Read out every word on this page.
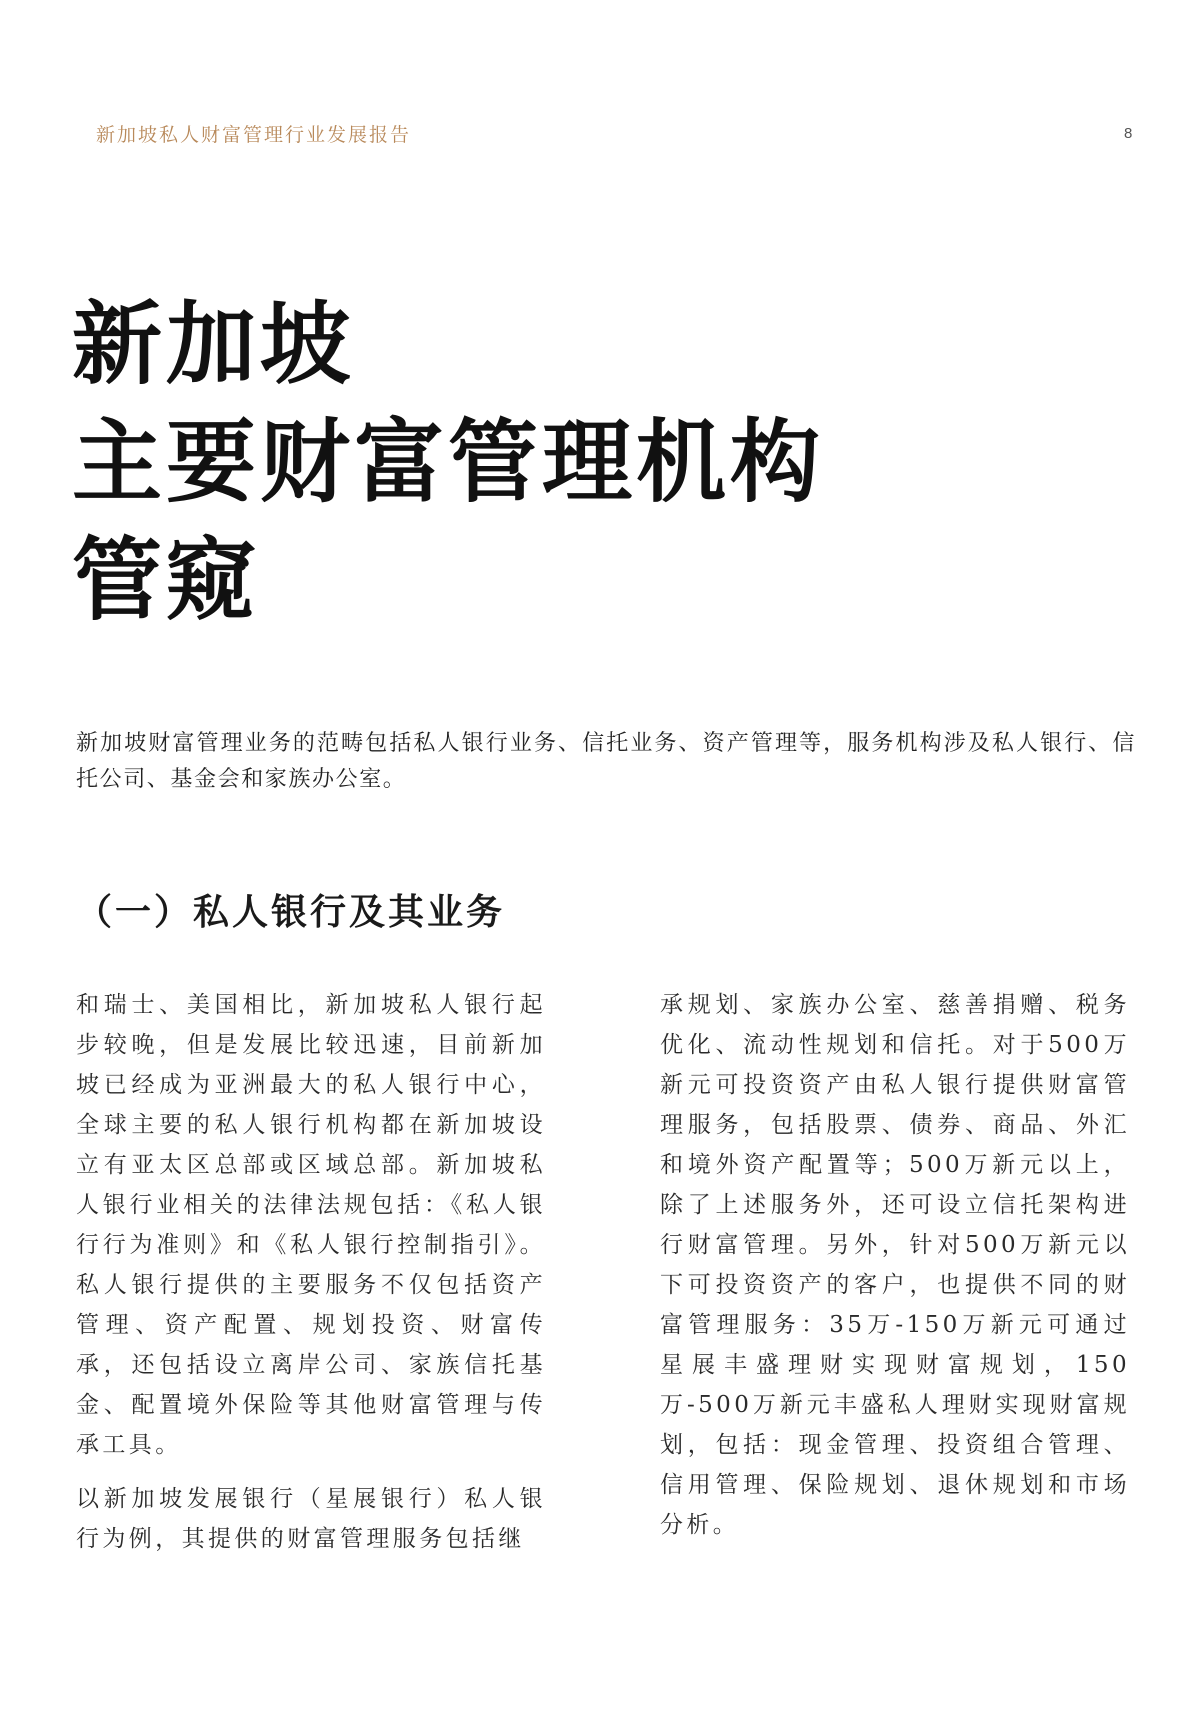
新加坡私人财富管理行业发展报告	8
新加坡
主要财富管理机构
管窥

新加坡财富管理业务的范畴包括私人银行业务、信托业务、资产管理等，服务机构涉及私人银行、信托公司、基金会和家族办公室。

（一）私人银行及其业务

和瑞士、美国相比，新加坡私人银行起步较晚，但是发展比较迅速，目前新加坡已经成为亚洲最大的私人银行中心，全球主要的私人银行机构都在新加坡设立有亚太区总部或区域总部。新加坡私人银行业相关的法律法规包括：《私人银行行为准则》和《私人银行控制指引》。私人银行提供的主要服务不仅包括资产管理、资产配置、规划投资、财富传承，还包括设立离岸公司、家族信托基金、配置境外保险等其他财富管理与传承工具。

以新加坡发展银行（星展银行）私人银行为例，其提供的财富管理服务包括继

承规划、家族办公室、慈善捐赠、税务优化、流动性规划和信托。对于500万新元可投资资产由私人银行提供财富管理服务，包括股票、债券、商品、外汇和境外资产配置等；500万新元以上，除了上述服务外，还可设立信托架构进行财富管理。另外，针对500万新元以下可投资资产的客户，也提供不同的财富管理服务：35万-150万新元可通过星展丰盛理财实现财富规划，150万-500万新元丰盛私人理财实现财富规划，包括：现金管理、投资组合管理、信用管理、保险规划、退休规划和市场分析。
